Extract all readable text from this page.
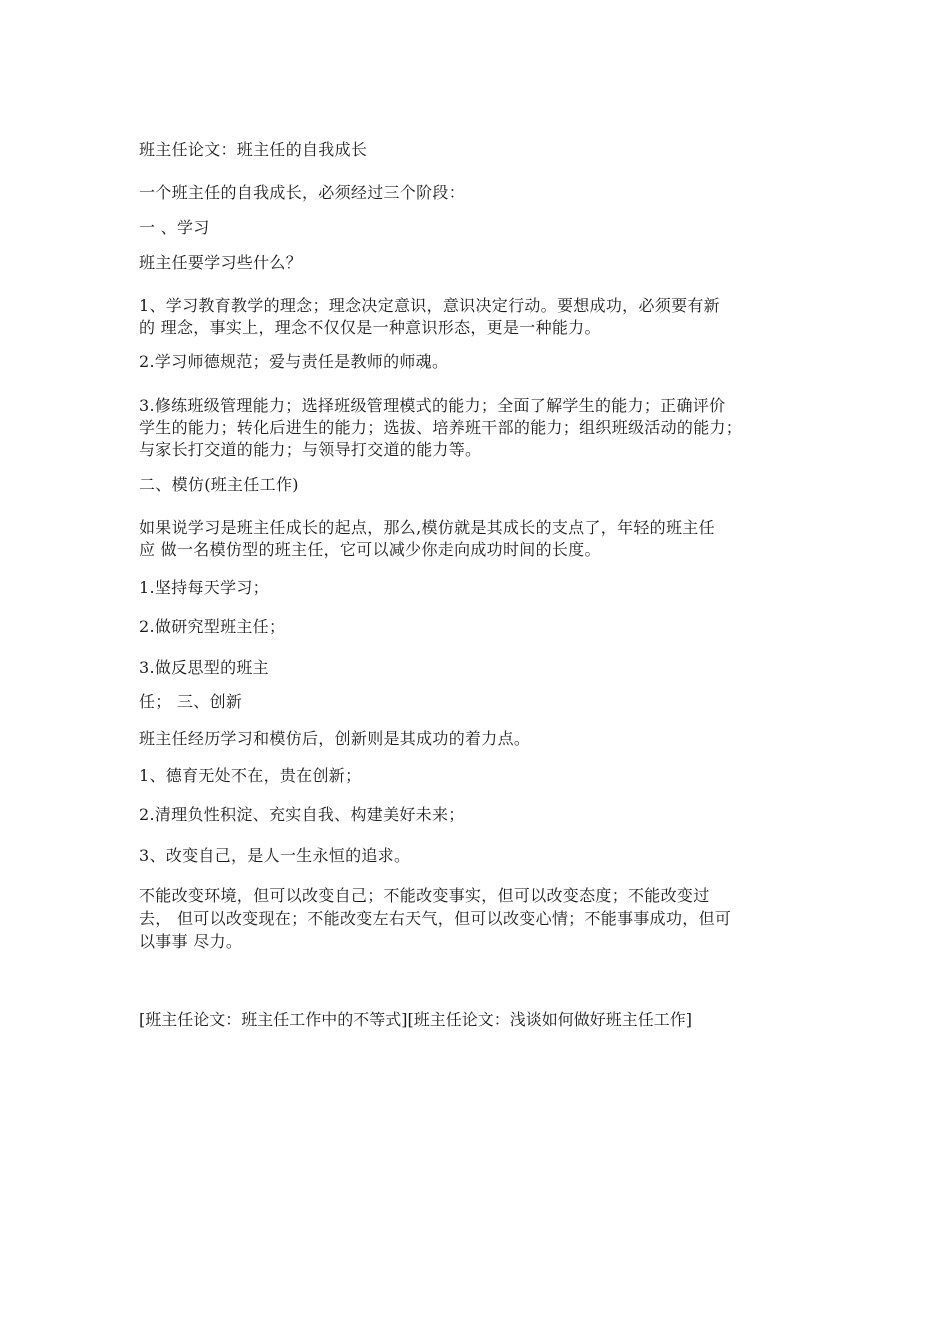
班主任论文：班主任的自我成长
一个班主任的自我成长，必须经过三个阶段：
一 、学习
班主任要学习些什么？
1、学习教育教学的理念；理念决定意识，意识决定行动。要想成功，必须要有新
的 理念，事实上，理念不仅仅是一种意识形态，更是一种能力。
2.学习师德规范；爱与责任是教师的师魂。
3.修练班级管理能力；选择班级管理模式的能力；全面了解学生的能力；正确评价
学生的能力；转化后进生的能力；选拔、培养班干部的能力；组织班级活动的能力；
与家长打交道的能力；与领导打交道的能力等。
二、模仿(班主任工作)
如果说学习是班主任成长的起点，那么,模仿就是其成长的支点了，年轻的班主任
应 做一名模仿型的班主任，它可以减少你走向成功时间的长度。
1.坚持每天学习；
2.做研究型班主任；
3.做反思型的班主
任； 三、创新
班主任经历学习和模仿后，创新则是其成功的着力点。
1、德育无处不在，贵在创新；
2.清理负性积淀、充实自我、构建美好未来；
3、改变自己，是人一生永恒的追求。
不能改变环境，但可以改变自己；不能改变事实，但可以改变态度；不能改变过
去， 但可以改变现在；不能改变左右天气，但可以改变心情；不能事事成功，但可
以事事 尽力。
[班主任论文：班主任工作中的不等式][班主任论文：浅谈如何做好班主任工作]
